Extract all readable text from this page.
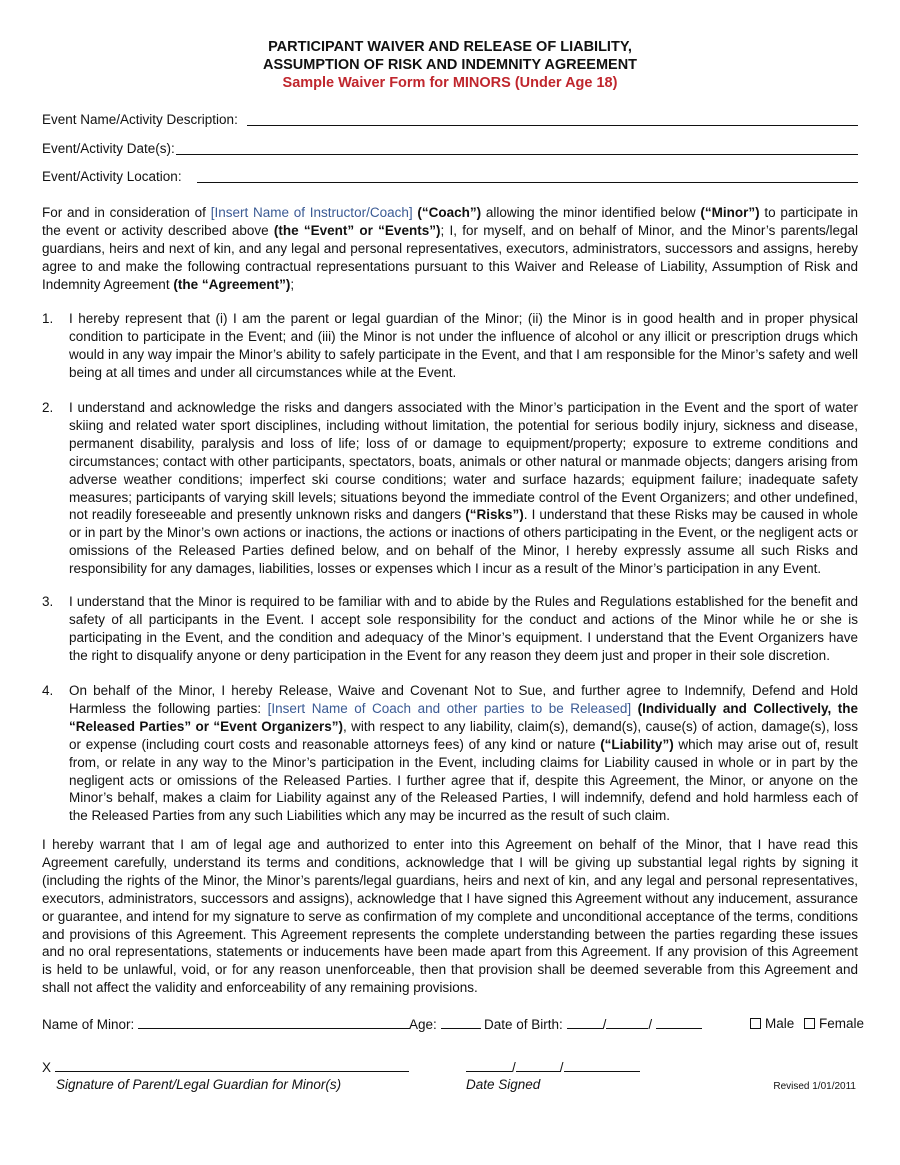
PARTICIPANT WAIVER AND RELEASE OF LIABILITY,
ASSUMPTION OF RISK AND INDEMNITY AGREEMENT
Sample Waiver Form for MINORS (Under Age 18)
Event Name/Activity Description:
Event/Activity Date(s):
Event/Activity Location:

For and in consideration of [Insert Name of Instructor/Coach] (“Coach”) allowing the minor identified below (“Minor”) to participate in the event or activity described above (the “Event” or “Events”); I, for myself, and on behalf of Minor, and the Minor’s parents/legal guardians, heirs and next of kin, and any legal and personal representatives, executors, administrators, successors and assigns, hereby agree to and make the following contractual representations pursuant to this Waiver and Release of Liability, Assumption of Risk and Indemnity Agreement (the “Agreement”);

1. I hereby represent that (i) I am the parent or legal guardian of the Minor; (ii) the Minor is in good health and in proper physical condition to participate in the Event; and (iii) the Minor is not under the influence of alcohol or any illicit or prescription drugs which would in any way impair the Minor’s ability to safely participate in the Event, and that I am responsible for the Minor’s safety and well being at all times and under all circumstances while at the Event.
2. I understand and acknowledge the risks and dangers associated with the Minor’s participation in the Event and the sport of water skiing and related water sport disciplines, including without limitation, the potential for serious bodily injury, sickness and disease, permanent disability, paralysis and loss of life; loss of or damage to equipment/property; exposure to extreme conditions and circumstances; contact with other participants, spectators, boats, animals or other natural or manmade objects; dangers arising from adverse weather conditions; imperfect ski course conditions; water and surface hazards; equipment failure; inadequate safety measures; participants of varying skill levels; situations beyond the immediate control of the Event Organizers; and other undefined, not readily foreseeable and presently unknown risks and dangers (“Risks”). I understand that these Risks may be caused in whole or in part by the Minor’s own actions or inactions, the actions or inactions of others participating in the Event, or the negligent acts or omissions of the Released Parties defined below, and on behalf of the Minor, I hereby expressly assume all such Risks and responsibility for any damages, liabilities, losses or expenses which I incur as a result of the Minor’s participation in any Event.
3. I understand that the Minor is required to be familiar with and to abide by the Rules and Regulations established for the benefit and safety of all participants in the Event. I accept sole responsibility for the conduct and actions of the Minor while he or she is participating in the Event, and the condition and adequacy of the Minor’s equipment. I understand that the Event Organizers have the right to disqualify anyone or deny participation in the Event for any reason they deem just and proper in their sole discretion.
4. On behalf of the Minor, I hereby Release, Waive and Covenant Not to Sue, and further agree to Indemnify, Defend and Hold Harmless the following parties: [Insert Name of Coach and other parties to be Released] (Individually and Collectively, the “Released Parties” or “Event Organizers”), with respect to any liability, claim(s), demand(s), cause(s) of action, damage(s), loss or expense (including court costs and reasonable attorneys fees) of any kind or nature (“Liability”) which may arise out of, result from, or relate in any way to the Minor’s participation in the Event, including claims for Liability caused in whole or in part by the negligent acts or omissions of the Released Parties. I further agree that if, despite this Agreement, the Minor, or anyone on the Minor’s behalf, makes a claim for Liability against any of the Released Parties, I will indemnify, defend and hold harmless each of the Released Parties from any such Liabilities which any may be incurred as the result of such claim.

I hereby warrant that I am of legal age and authorized to enter into this Agreement on behalf of the Minor, that I have read this Agreement carefully, understand its terms and conditions, acknowledge that I will be giving up substantial legal rights by signing it (including the rights of the Minor, the Minor’s parents/legal guardians, heirs and next of kin, and any legal and personal representatives, executors, administrators, successors and assigns), acknowledge that I have signed this Agreement without any inducement, assurance or guarantee, and intend for my signature to serve as confirmation of my complete and unconditional acceptance of the terms, conditions and provisions of this Agreement. This Agreement represents the complete understanding between the parties regarding these issues and no oral representations, statements or inducements have been made apart from this Agreement. If any provision of this Agreement is held to be unlawful, void, or for any reason unenforceable, then that provision shall be deemed severable from this Agreement and shall not affect the validity and enforceability of any remaining provisions.

Name of Minor:	Age:	Date of Birth:	/	/	Male Female
X	/	/
Signature of Parent/Legal Guardian for Minor(s)	Date Signed	Revised 1/01/2011
